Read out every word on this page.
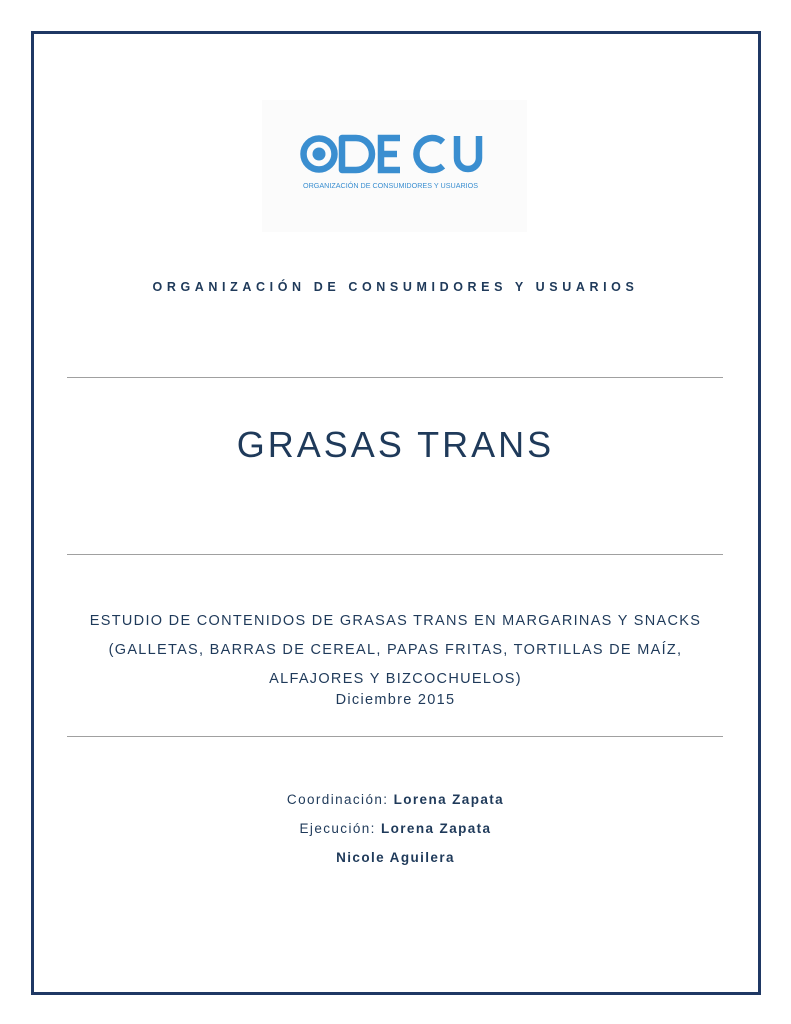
ORGANIZACIÓN DE CONSUMIDORES Y USUARIOS
ORGANIZACIÓN DE CONSUMIDORES Y USUARIOS
GRASAS TRANS
ESTUDIO DE CONTENIDOS DE GRASAS TRANS EN MARGARINAS Y SNACKS (GALLETAS, BARRAS DE CEREAL, PAPAS FRITAS, TORTILLAS DE MAÍZ, ALFAJORES Y BIZCOCHUELOS)
Diciembre 2015
Coordinación: Lorena Zapata
Ejecución: Lorena Zapata
Nicole Aguilera
